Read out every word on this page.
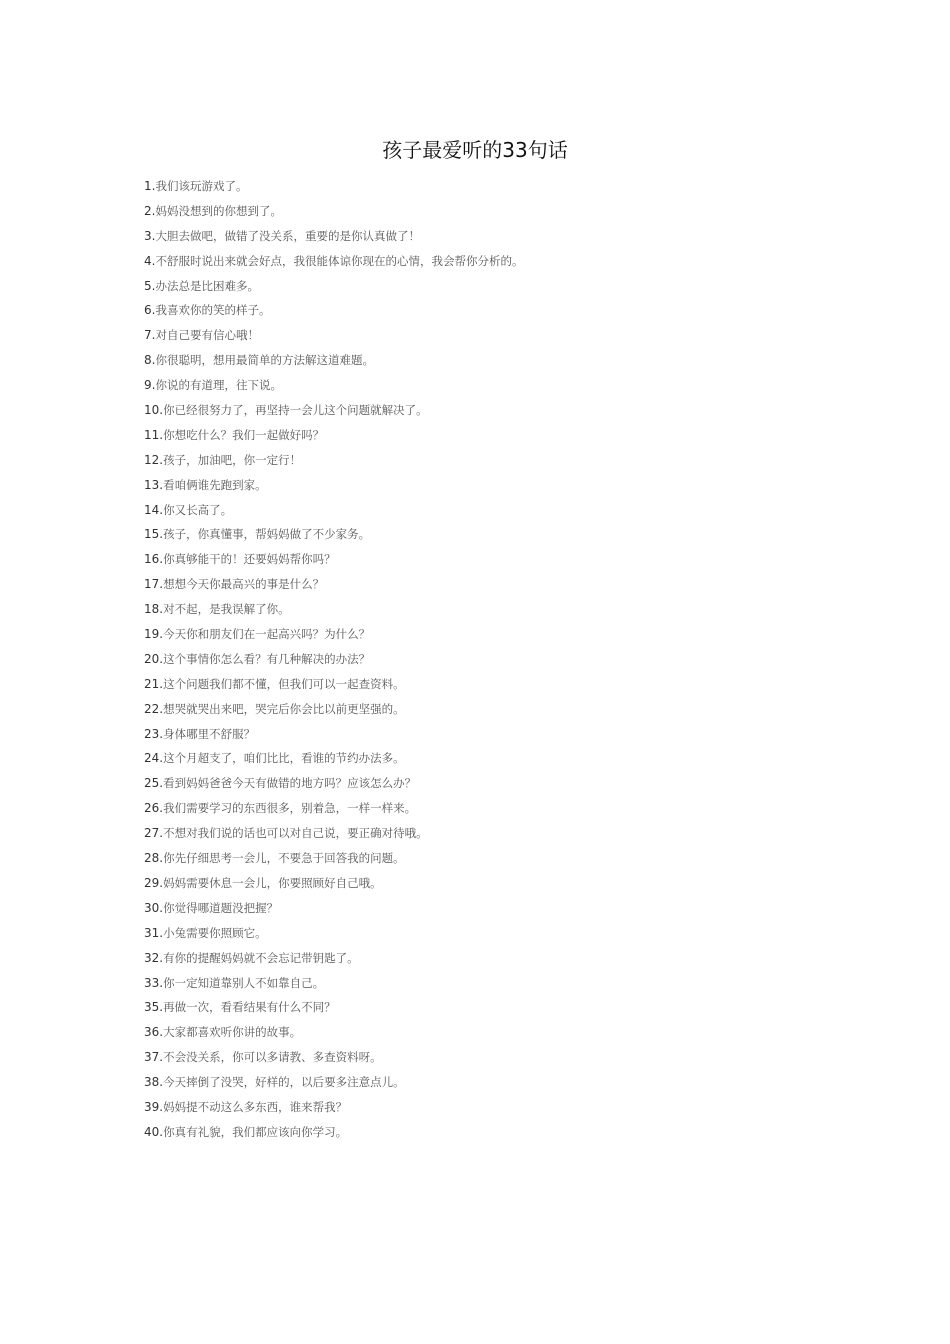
孩子最爱听的33句话
1.我们该玩游戏了。
2.妈妈没想到的你想到了。
3.大胆去做吧，做错了没关系，重要的是你认真做了！
4.不舒服时说出来就会好点，我很能体谅你现在的心情，我会帮你分析的。
5.办法总是比困难多。
6.我喜欢你的笑的样子。
7.对自己要有信心哦！
8.你很聪明，想用最简单的方法解这道难题。
9.你说的有道理，往下说。
10.你已经很努力了，再坚持一会儿这个问题就解决了。
11.你想吃什么？我们一起做好吗？
12.孩子，加油吧，你一定行！
13.看咱俩谁先跑到家。
14.你又长高了。
15.孩子，你真懂事，帮妈妈做了不少家务。
16.你真够能干的！还要妈妈帮你吗？
17.想想今天你最高兴的事是什么？
18.对不起，是我误解了你。
19.今天你和朋友们在一起高兴吗？为什么？
20.这个事情你怎么看？有几种解决的办法？
21.这个问题我们都不懂，但我们可以一起查资料。
22.想哭就哭出来吧，哭完后你会比以前更坚强的。
23.身体哪里不舒服？
24.这个月超支了，咱们比比，看谁的节约办法多。
25.看到妈妈爸爸今天有做错的地方吗？应该怎么办？
26.我们需要学习的东西很多，别着急，一样一样来。
27.不想对我们说的话也可以对自己说，要正确对待哦。
28.你先仔细思考一会儿，不要急于回答我的问题。
29.妈妈需要休息一会儿，你要照顾好自己哦。
30.你觉得哪道题没把握？
31.小兔需要你照顾它。
32.有你的提醒妈妈就不会忘记带钥匙了。
33.你一定知道靠别人不如靠自己。
35.再做一次，看看结果有什么不同？
36.大家都喜欢听你讲的故事。
37.不会没关系，你可以多请教、多查资料呀。
38.今天摔倒了没哭，好样的，以后要多注意点儿。
39.妈妈提不动这么多东西，谁来帮我？
40.你真有礼貌，我们都应该向你学习。
